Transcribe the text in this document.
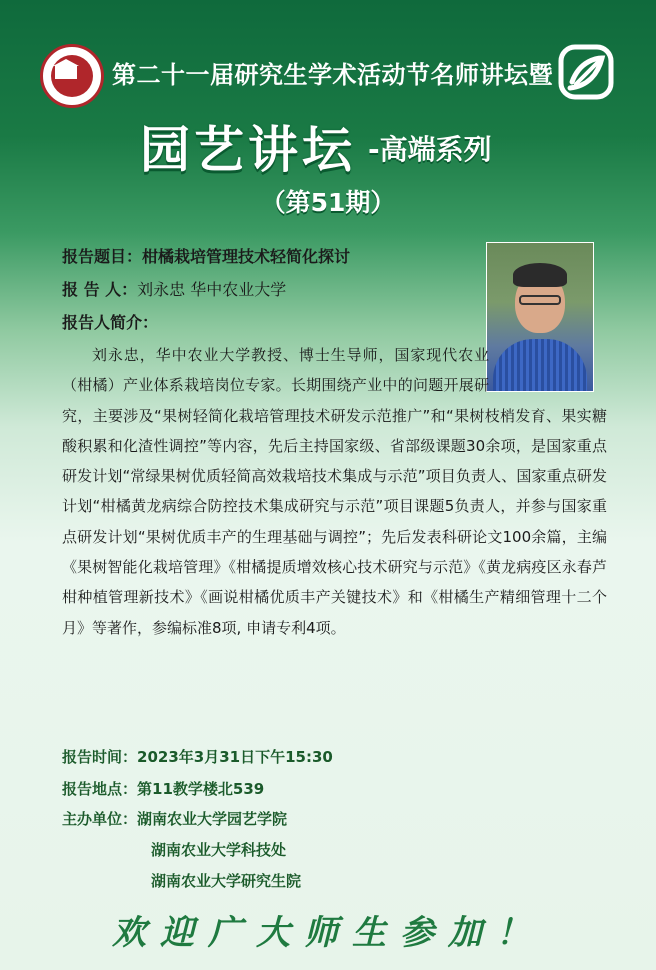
第二十一届研究生学术活动节名师讲坛暨
园艺讲坛 -高端系列
（第51期）
报告题目：柑橘栽培管理技术轻简化探讨
报 告 人：刘永忠 华中农业大学
报告人简介：

刘永忠，华中农业大学教授、博士生导师，国家现代农业（柑橘）产业体系栽培岗位专家。长期围绕产业中的问题开展研究，主要涉及“果树轻简化栽培管理技术研发示范推广”和“果树枝梢发育、果实糖酸积累和化渣性调控”等内容，先后主持国家级、省部级课题30余项，是国家重点研发计划“常绿果树优质轻简高效栽培技术集成与示范”项目负责人、国家重点研发计划“柑橘黄龙病综合防控技术集成研究与示范”项目课题5负责人，并参与国家重点研发计划“果树优质丰产的生理基础与调控”；先后发表科研论文100余篇，主编《果树智能化栽培管理》《柑橘提质增效核心技术研究与示范》《黄龙病疫区永春芦柑种植管理新技术》《画说柑橘优质丰产关键技术》和《柑橘生产精细管理十二个月》等著作，参编标准8项, 申请专利4项。

报告时间：2023年3月31日下午15:30
报告地点：第11教学楼北539
主办单位：湖南农业大学园艺学院
湖南农业大学科技处
湖南农业大学研究生院
欢迎广大师生参加！
